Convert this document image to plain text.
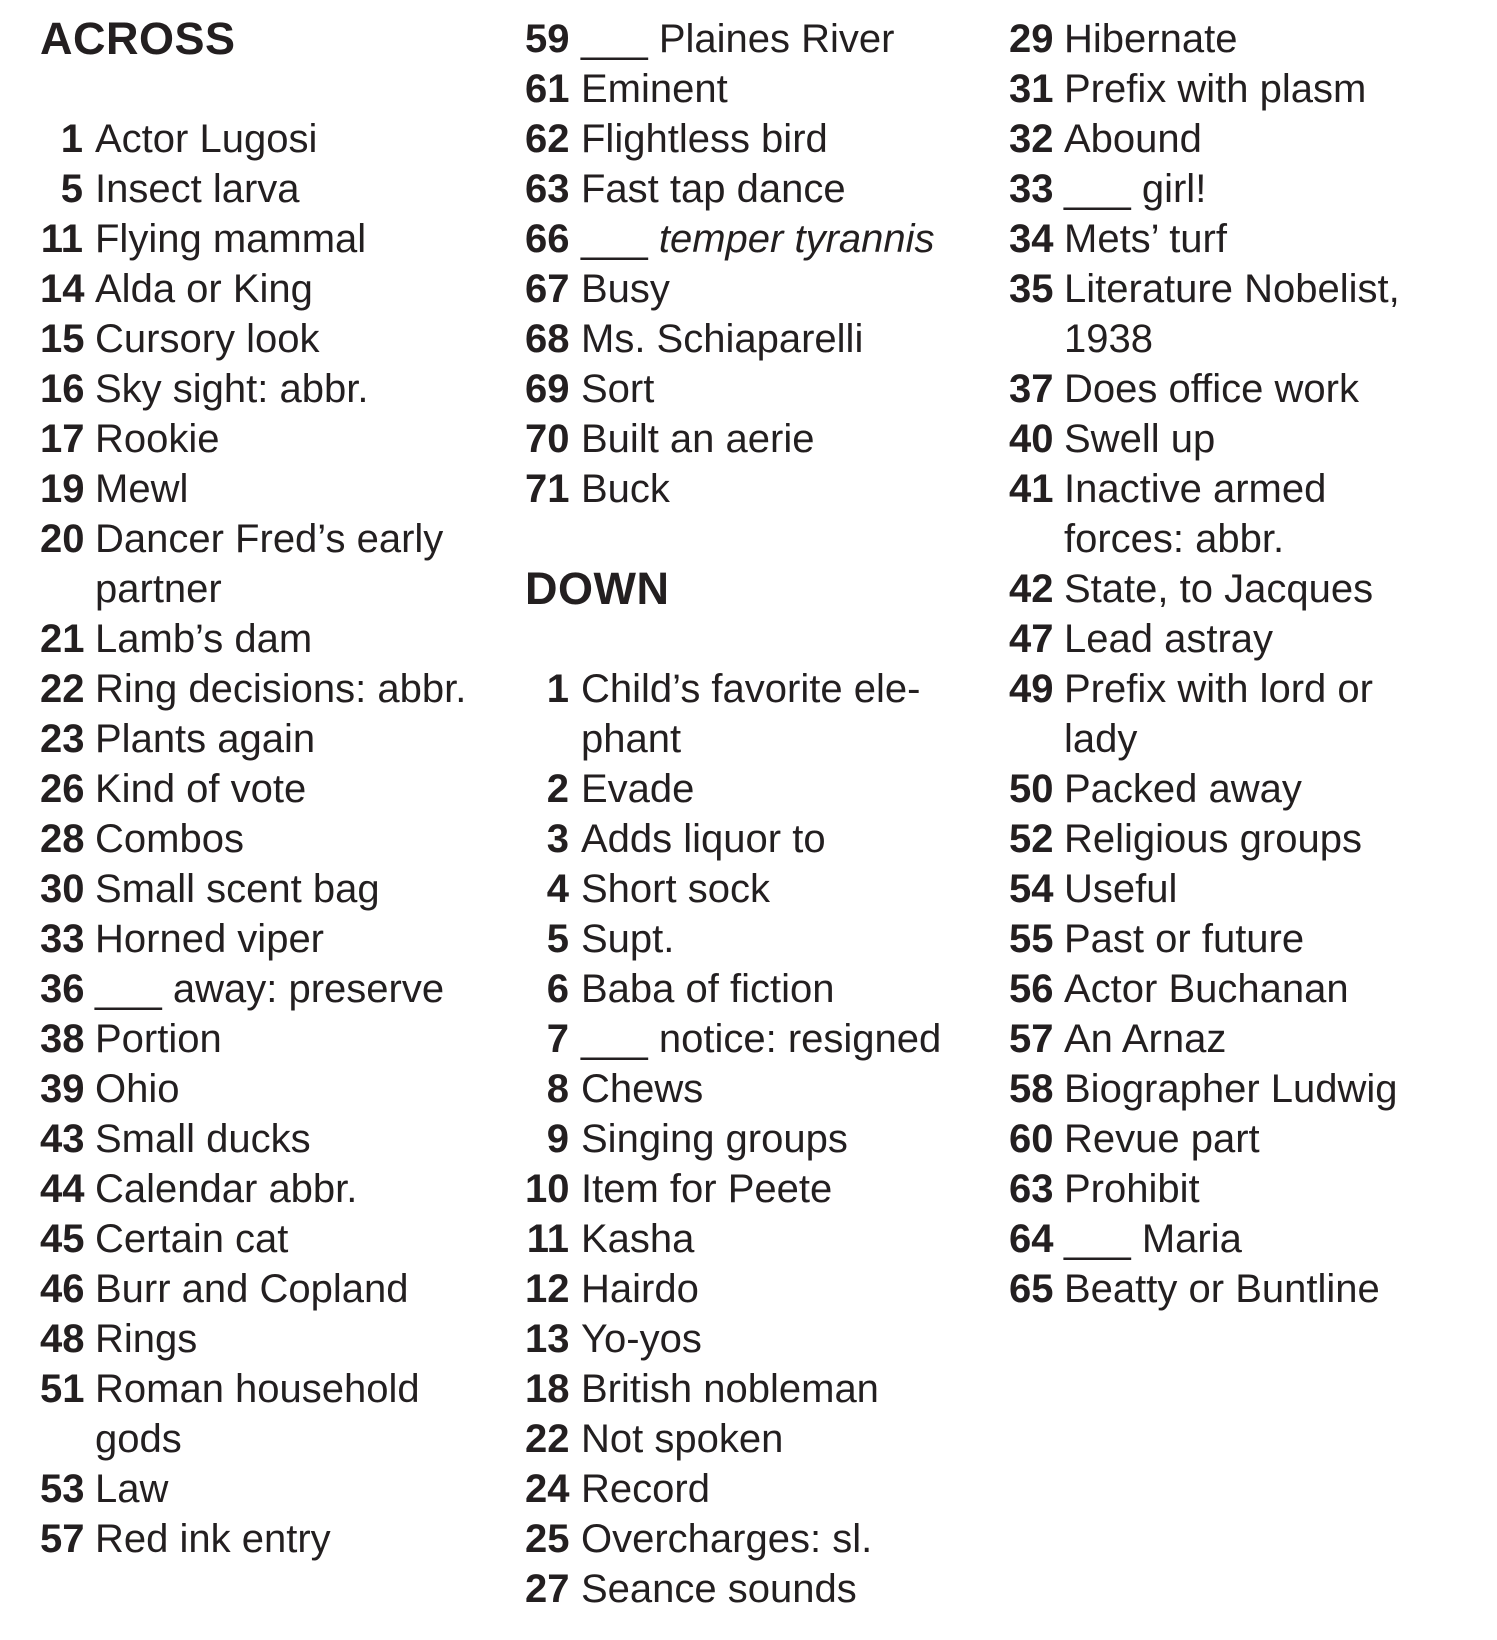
ACROSS
1 Actor Lugosi
5 Insect larva
11 Flying mammal
14 Alda or King
15 Cursory look
16 Sky sight: abbr.
17 Rookie
19 Mewl
20 Dancer Fred’s early
partner
21 Lamb’s dam
22 Ring decisions: abbr.
23 Plants again
26 Kind of vote
28 Combos
30 Small scent bag
33 Horned viper
36 ___ away: preserve
38 Portion
39 Ohio
43 Small ducks
44 Calendar abbr.
45 Certain cat
46 Burr and Copland
48 Rings
51 Roman household
gods
53 Law
57 Red ink entry
59 ___ Plaines River
61 Eminent
62 Flightless bird
63 Fast tap dance
66 ___ temper tyrannis
67 Busy
68 Ms. Schiaparelli
69 Sort
70 Built an aerie
71 Buck
DOWN
1 Child’s favorite ele-
phant
2 Evade
3 Adds liquor to
4 Short sock
5 Supt.
6 Baba of fiction
7 ___ notice: resigned
8 Chews
9 Singing groups
10 Item for Peete
11 Kasha
12 Hairdo
13 Yo-yos
18 British nobleman
22 Not spoken
24 Record
25 Overcharges: sl.
27 Seance sounds
29 Hibernate
31 Prefix with plasm
32 Abound
33 ___ girl!
34 Mets’ turf
35 Literature Nobelist,
1938
37 Does office work
40 Swell up
41 Inactive armed
forces: abbr.
42 State, to Jacques
47 Lead astray
49 Prefix with lord or
lady
50 Packed away
52 Religious groups
54 Useful
55 Past or future
56 Actor Buchanan
57 An Arnaz
58 Biographer Ludwig
60 Revue part
63 Prohibit
64 ___ Maria
65 Beatty or Buntline
